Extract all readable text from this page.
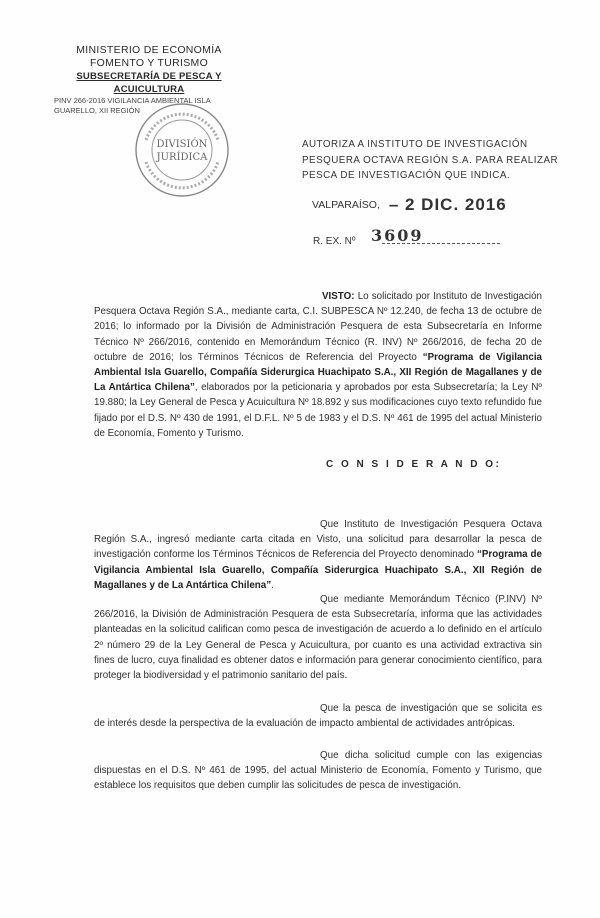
MINISTERIO DE ECONOMÍA
FOMENTO Y TURISMO
SUBSECRETARÍA DE PESCA Y ACUICULTURA
PINV 266-2016 VIGILANCIA AMBIENTAL ISLA
GUARELLO, XII REGIÓN
DIVISIÓN
JURÍDICA
AUTORIZA A INSTITUTO DE INVESTIGACIÓN PESQUERA OCTAVA REGIÓN S.A. PARA REALIZAR PESCA DE INVESTIGACIÓN QUE INDICA.
VALPARAÍSO, – 2 DIC. 2016
R. EX. Nº 3609
VISTO: Lo solicitado por Instituto de Investigación Pesquera Octava Región S.A., mediante carta, C.I. SUBPESCA Nº 12.240, de fecha 13 de octubre de 2016; lo informado por la División de Administración Pesquera de esta Subsecretaría en Informe Técnico Nº 266/2016, contenido en Memorándum Técnico (R. INV) Nº 266/2016, de fecha 20 de octubre de 2016; los Términos Técnicos de Referencia del Proyecto “Programa de Vigilancia Ambiental Isla Guarello, Compañía Siderurgica Huachipato S.A., XII Región de Magallanes y de La Antártica Chilena”, elaborados por la peticionaria y aprobados por esta Subsecretaría; la Ley Nº 19.880; la Ley General de Pesca y Acuicultura Nº 18.892 y sus modificaciones cuyo texto refundido fue fijado por el D.S. Nº 430 de 1991, el D.F.L. Nº 5 de 1983 y el D.S. Nº 461 de 1995 del actual Ministerio de Economía, Fomento y Turismo.
C O N S I D E R A N D O:
Que Instituto de Investigación Pesquera Octava Región S.A., ingresó mediante carta citada en Visto, una solicitud para desarrollar la pesca de investigación conforme los Términos Técnicos de Referencia del Proyecto denominado “Programa de Vigilancia Ambiental Isla Guarello, Compañía Siderurgica Huachipato S.A., XII Región de Magallanes y de La Antártica Chilena”.
Que mediante Memorándum Técnico (P.INV) Nº 266/2016, la División de Administración Pesquera de esta Subsecretaría, informa que las actividades planteadas en la solicitud califican como pesca de investigación de acuerdo a lo definido en el artículo 2º número 29 de la Ley General de Pesca y Acuicultura, por cuanto es una actividad extractiva sin fines de lucro, cuya finalidad es obtener datos e información para generar conocimiento científico, para proteger la biodiversidad y el patrimonio sanitario del país.
Que la pesca de investigación que se solicita es de interés desde la perspectiva de la evaluación de impacto ambiental de actividades antrópicas.
Que dicha solicitud cumple con las exigencias dispuestas en el D.S. Nº 461 de 1995, del actual Ministerio de Economía, Fomento y Turismo, que establece los requisitos que deben cumplir las solicitudes de pesca de investigación.
